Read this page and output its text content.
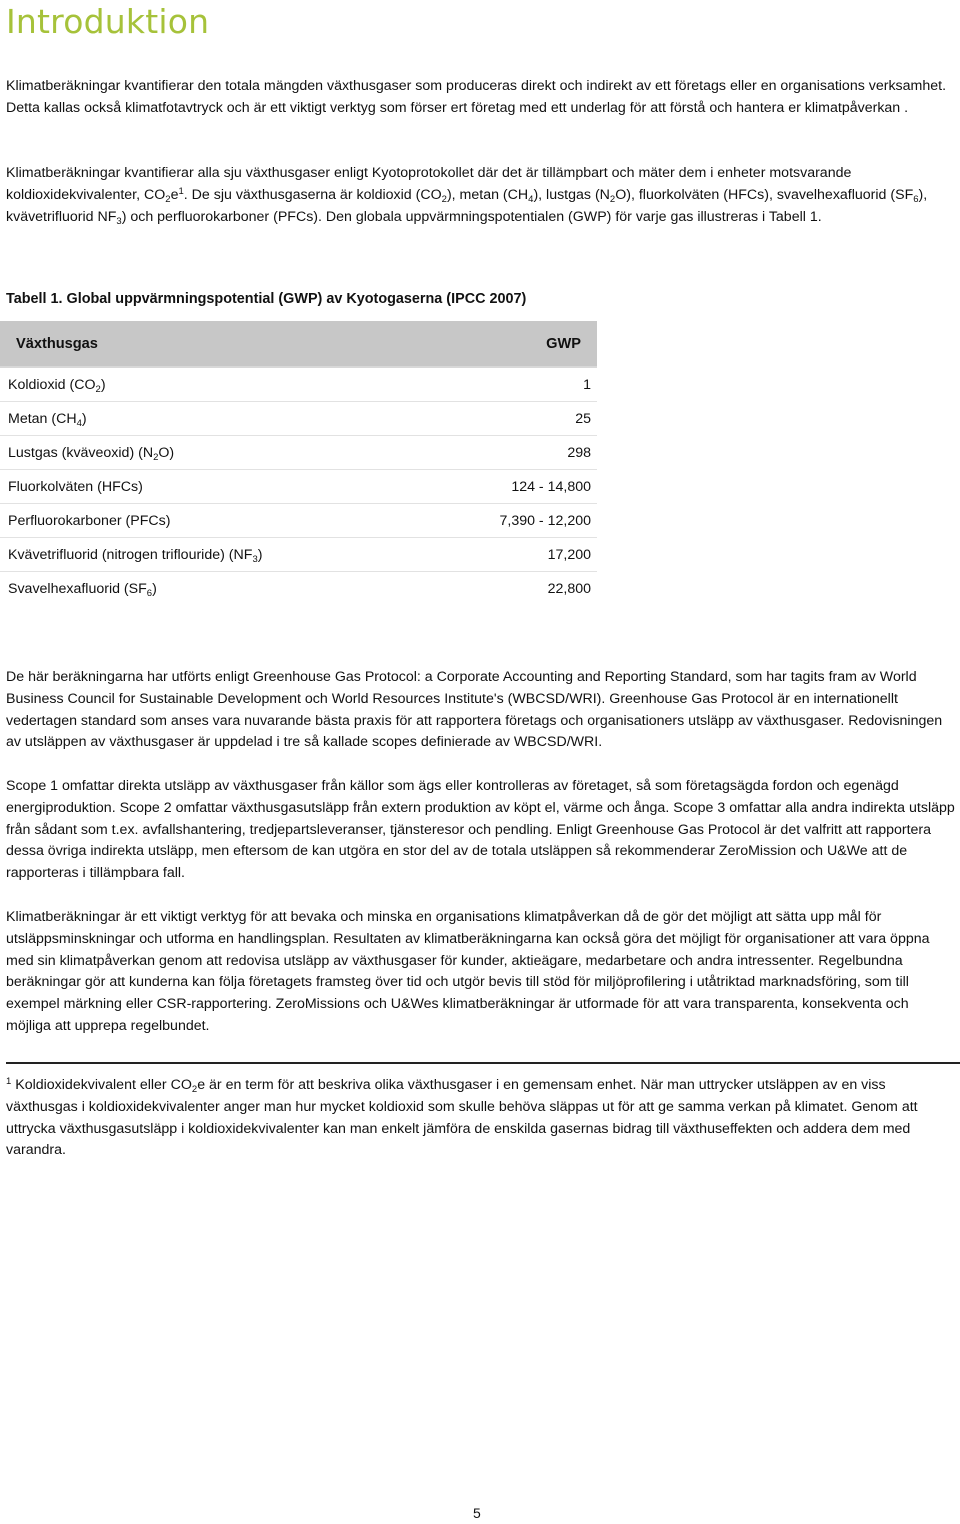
Introduktion

Klimatberäkningar kvantifierar den totala mängden växthusgaser som produceras direkt och indirekt av ett företags eller en organisations verksamhet. Detta kallas också klimatfotavtryck och är ett viktigt verktyg som förser ert företag med ett underlag för att förstå och hantera er klimatpåverkan .

Klimatberäkningar kvantifierar alla sju växthusgaser enligt Kyotoprotokollet där det är tillämpbart och mäter dem i enheter motsvarande koldioxidekvivalenter, $CO_2e^1$. De sju växthusgaserna är koldioxid $(CO_2)$, metan $(CH_4)$, lustgas $(N_2O)$, fluorkolväten (HFCs), svavelhexafluorid $(SF_6)$, kvävetrifluorid $NF_3$) och perfluorokarboner (PFCs). Den globala uppvärmningspotentialen (GWP) för varje gas illustreras i Tabell 1.

Tabell 1. Global uppvärmningspotential (GWP) av Kyotogaserna (IPCC 2007)

Växthusgas	GWP
Koldioxid $(CO_2)$	1
Metan $(CH_4)$	25
Lustgas (kväveoxid) $(N_2O)$	298
Fluorkolväten (HFCs)	124 - 14,800
Perfluorokarboner (PFCs)	7,390 - 12,200
Kvävetrifluorid (nitrogen triflouride) $(NF_3)$	17,200
Svavelhexafluorid $(SF_6)$	22,800

De här beräkningarna har utförts enligt Greenhouse Gas Protocol: a Corporate Accounting and Reporting Standard, som har tagits fram av World Business Council for Sustainable Development och World Resources Institute's (WBCSD/WRI). Greenhouse Gas Protocol är en internationellt vedertagen standard som anses vara nuvarande bästa praxis för att rapportera företags och organisationers utsläpp av växthusgaser. Redovisningen av utsläppen av växthusgaser är uppdelad i tre så kallade scopes definierade av WBCSD/WRI.

Scope 1 omfattar direkta utsläpp av växthusgaser från källor som ägs eller kontrolleras av företaget, så som företagsägda fordon och egenägd energiproduktion. Scope 2 omfattar växthusgasutsläpp från extern produktion av köpt el, värme och ånga. Scope 3 omfattar alla andra indirekta utsläpp från sådant som t.ex. avfallshantering, tredjepartsleveranser, tjänsteresor och pendling. Enligt Greenhouse Gas Protocol är det valfritt att rapportera dessa övriga indirekta utsläpp, men eftersom de kan utgöra en stor del av de totala utsläppen så rekommenderar ZeroMission och U&We att de rapporteras i tillämpbara fall.

Klimatberäkningar är ett viktigt verktyg för att bevaka och minska en organisations klimatpåverkan då de gör det möjligt att sätta upp mål för utsläppsminskningar och utforma en handlingsplan. Resultaten av klimatberäkningarna kan också göra det möjligt för organisationer att vara öppna med sin klimatpåverkan genom att redovisa utsläpp av växthusgaser för kunder, aktieägare, medarbetare och andra intressenter. Regelbundna beräkningar gör att kunderna kan följa företagets framsteg över tid och utgör bevis till stöd för miljöprofilering i utåtriktad marknadsföring, som till exempel märkning eller CSR-rapportering. ZeroMissions och U&Wes klimatberäkningar är utformade för att vara transparenta, konsekventa och möjliga att upprepa regelbundet.

$^1$ Koldioxidekvivalent eller $CO_2e$ är en term för att beskriva olika växthusgaser i en gemensam enhet. När man uttrycker utsläppen av en viss växthusgas i koldioxidekvivalenter anger man hur mycket koldioxid som skulle behöva släppas ut för att ge samma verkan på klimatet. Genom att uttrycka växthusgasutsläpp i koldioxidekvivalenter kan man enkelt jämföra de enskilda gasernas bidrag till växthuseffekten och addera dem med varandra.

5
